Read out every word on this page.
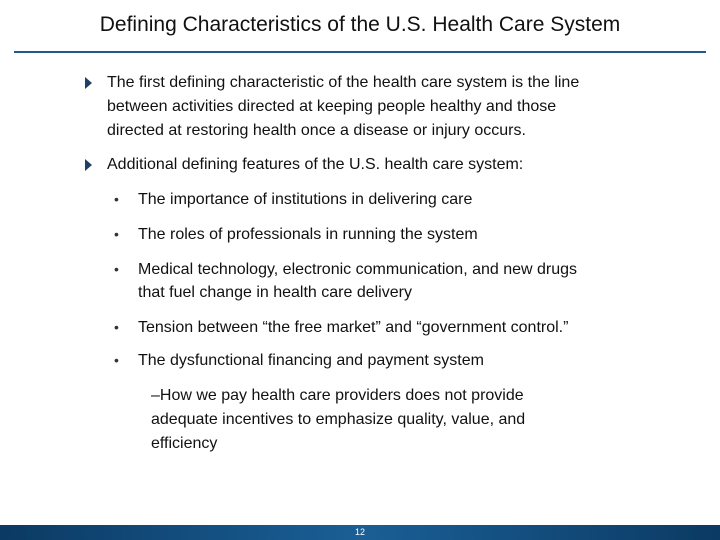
Defining Characteristics of the U.S. Health Care System
The first defining characteristic of the health care system is the line
between activities directed at keeping people healthy and those
directed at restoring health once a disease or injury occurs.
Additional defining features of the U.S. health care system:
•	The importance of institutions in delivering care
•	The roles of professionals in running the system
•	Medical technology, electronic communication, and new drugs
that fuel change in health care delivery
•	Tension between “the free market” and “government control.”
•	The dysfunctional financing and payment system
–How we pay health care providers does not provide
adequate incentives to emphasize quality, value, and
efficiency
12
